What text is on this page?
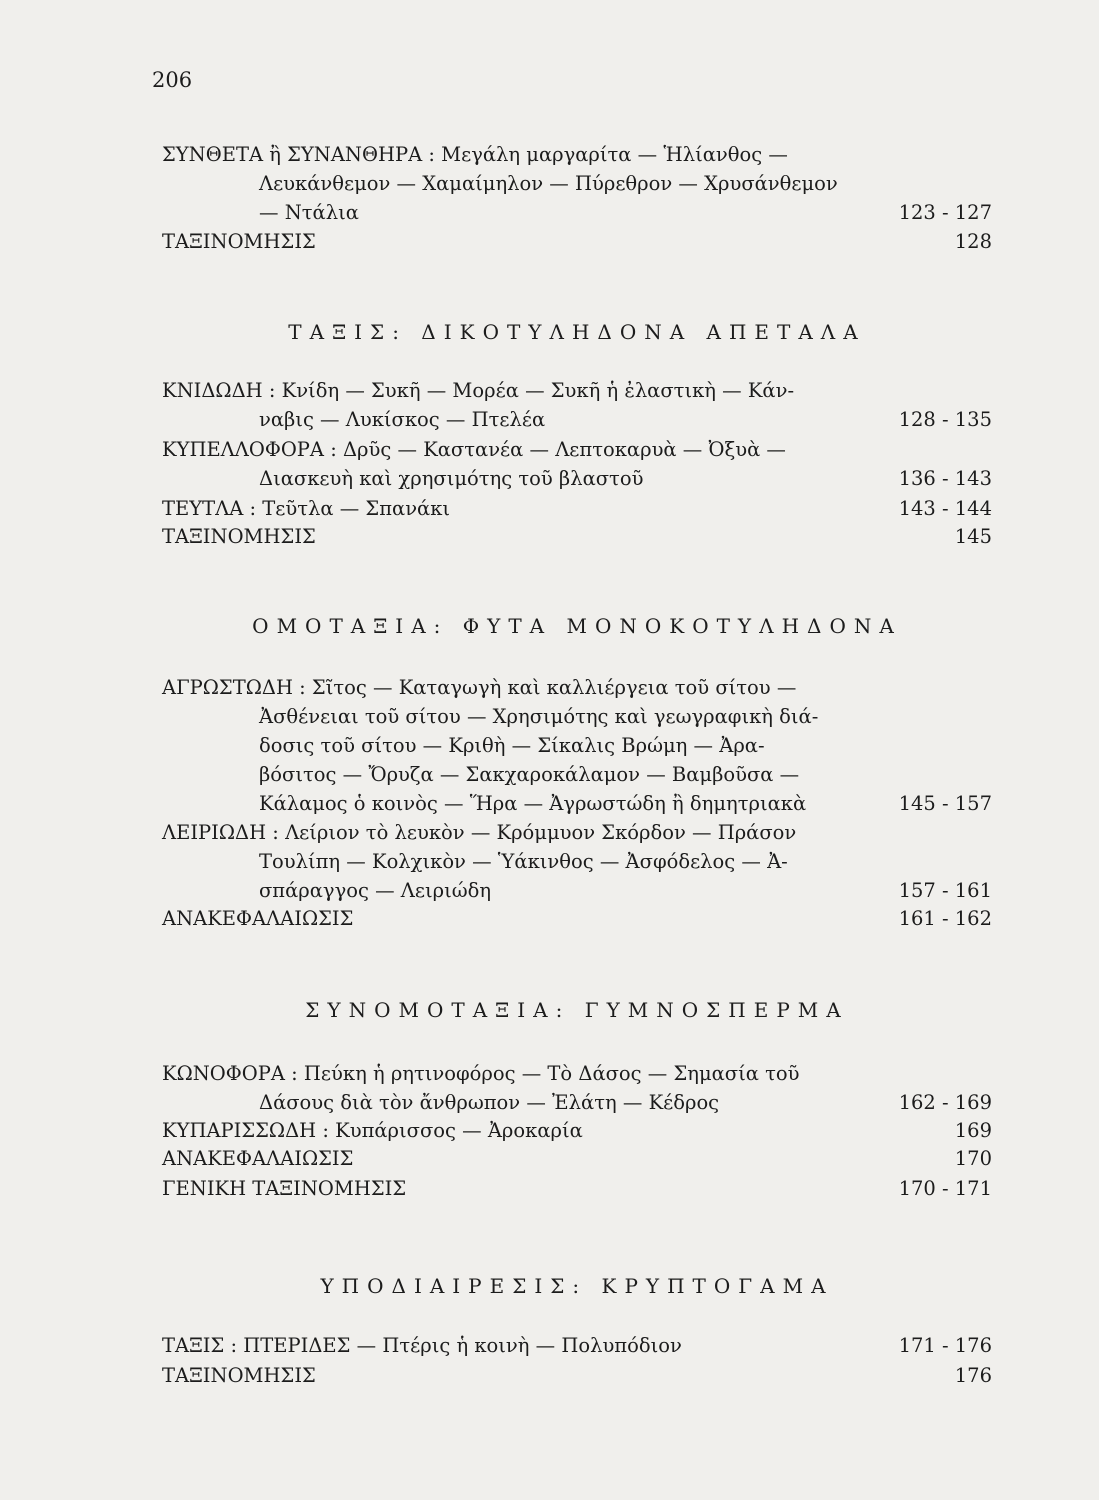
206
ΣΥΝΘΕΤΑ ἢ ΣΥΝΑΝΘΗΡΑ : Μεγάλη μαργαρίτα — Ἡλίανθος —
Λευκάνθεμον — Χαμαίμηλον — Πύρεθρον — Χρυσάνθεμον
— Ντάλια	123 - 127
ΤΑΞΙΝΟΜΗΣΙΣ	128
ΤΑΞΙΣ: ΔΙΚΟΤΥΛΗΔΟΝΑ ΑΠΕΤΑΛΑ
ΚΝΙΔΩΔΗ : Κνίδη — Συκῆ — Μορέα — Συκῆ ἡ ἐλαστικὴ — Κάν-
ναβις — Λυκίσκος — Πτελέα	128 - 135
ΚΥΠΕΛΛΟΦΟΡΑ : Δρῦς — Καστανέα — Λεπτοκαρυὰ — Ὀξυὰ —
Διασκευὴ καὶ χρησιμότης τοῦ βλαστοῦ	136 - 143
ΤΕΥΤΛΑ : Τεῦτλα — Σπανάκι	143 - 144
ΤΑΞΙΝΟΜΗΣΙΣ	145
ΟΜΟΤΑΞΙΑ: ΦΥΤΑ ΜΟΝΟΚΟΤΥΛΗΔΟΝΑ
ΑΓΡΩΣΤΩΔΗ : Σῖτος — Καταγωγὴ καὶ καλλιέργεια τοῦ σίτου —
Ἀσθένειαι τοῦ σίτου — Χρησιμότης καὶ γεωγραφικὴ διά-
δοσις τοῦ σίτου — Κριθὴ — Σίκαλις Βρώμη — Ἀρα-
βόσιτος — Ὄρυζα — Σακχαροκάλαμον — Βαμβοῦσα —
Κάλαμος ὁ κοινὸς — Ἥρα — Ἀγρωστώδη ἢ δημητριακὰ	145 - 157
ΛΕΙΡΙΩΔΗ : Λείριον τὸ λευκὸν — Κρόμμυον Σκόρδον — Πράσον
Τουλίπη — Κολχικὸν — Ὑάκινθος — Ἀσφόδελος — Ἀ-
σπάραγγος — Λειριώδη	157 - 161
ΑΝΑΚΕΦΑΛΑΙΩΣΙΣ	161 - 162
ΣΥΝΟΜΟΤΑΞΙΑ: ΓΥΜΝΟΣΠΕΡΜΑ
ΚΩΝΟΦΟΡΑ : Πεύκη ἡ ρητινοφόρος — Τὸ Δάσος — Σημασία τοῦ
Δάσους διὰ τὸν ἄνθρωπον — Ἐλάτη — Κέδρος	162 - 169
ΚΥΠΑΡΙΣΣΩΔΗ : Κυπάρισσος — Ἀροκαρία	169
ΑΝΑΚΕΦΑΛΑΙΩΣΙΣ	170
ΓΕΝΙΚΗ ΤΑΞΙΝΟΜΗΣΙΣ	170 - 171
ΥΠΟΔΙΑΙΡΕΣΙΣ: ΚΡΥΠΤΟΓΑΜΑ
ΤΑΞΙΣ : ΠΤΕΡΙΔΕΣ — Πτέρις ἡ κοινὴ — Πολυπόδιον	171 - 176
ΤΑΞΙΝΟΜΗΣΙΣ	176
